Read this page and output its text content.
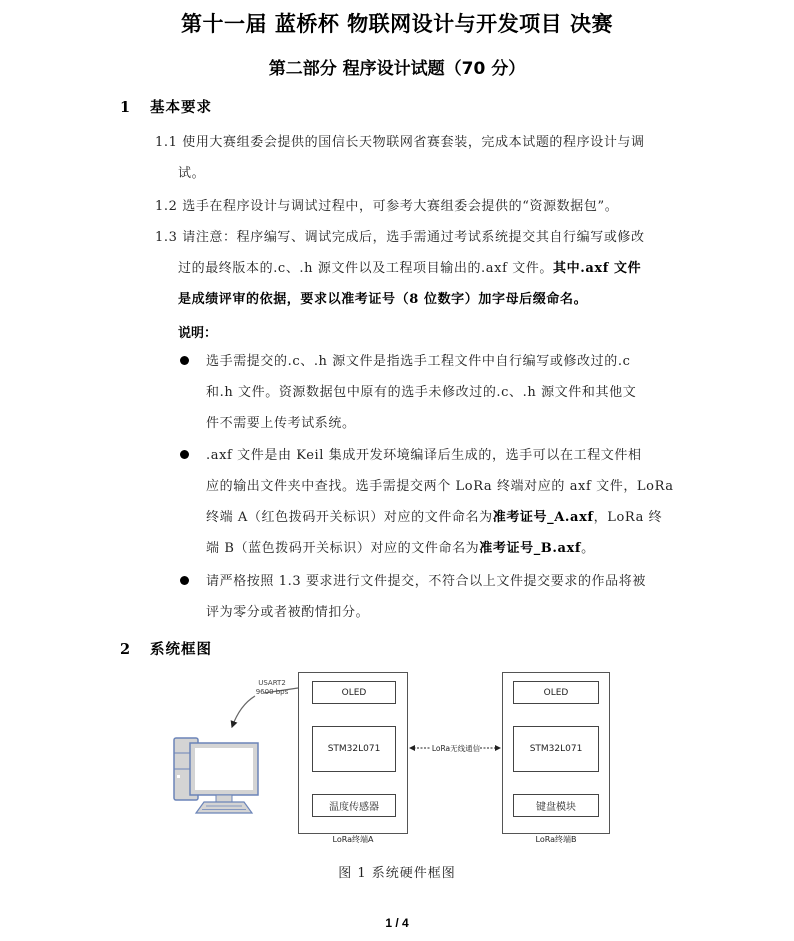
第十一届 蓝桥杯 物联网设计与开发项目 决赛
第二部分 程序设计试题（70 分）
1 基本要求
1.1 使用大赛组委会提供的国信长天物联网省赛套装，完成本试题的程序设计与调
试。
1.2 选手在程序设计与调试过程中，可参考大赛组委会提供的“资源数据包”。
1.3 请注意：程序编写、调试完成后，选手需通过考试系统提交其自行编写或修改
过的最终版本的.c、.h 源文件以及工程项目输出的.axf 文件。其中.axf 文件
是成绩评审的依据，要求以准考证号（8 位数字）加字母后缀命名。
说明：
选手需提交的.c、.h 源文件是指选手工程文件中自行编写或修改过的.c
和.h 文件。资源数据包中原有的选手未修改过的.c、.h 源文件和其他文
件不需要上传考试系统。
.axf 文件是由 Keil 集成开发环境编译后生成的，选手可以在工程文件相
应的输出文件夹中查找。选手需提交两个 LoRa 终端对应的 axf 文件，LoRa
终端 A（红色拨码开关标识）对应的文件命名为准考证号_A.axf，LoRa 终
端 B（蓝色拨码开关标识）对应的文件命名为准考证号_B.axf。
请严格按照 1.3 要求进行文件提交，不符合以上文件提交要求的作品将被
评为零分或者被酌情扣分。
2 系统框图
USART2
9600 bps	OLED
STM32L071
温度传感器
LoRa终端A
LoRa无线通信
OLED
STM32L071
键盘模块
LoRa终端B
图 1 系统硬件框图
1 / 4
